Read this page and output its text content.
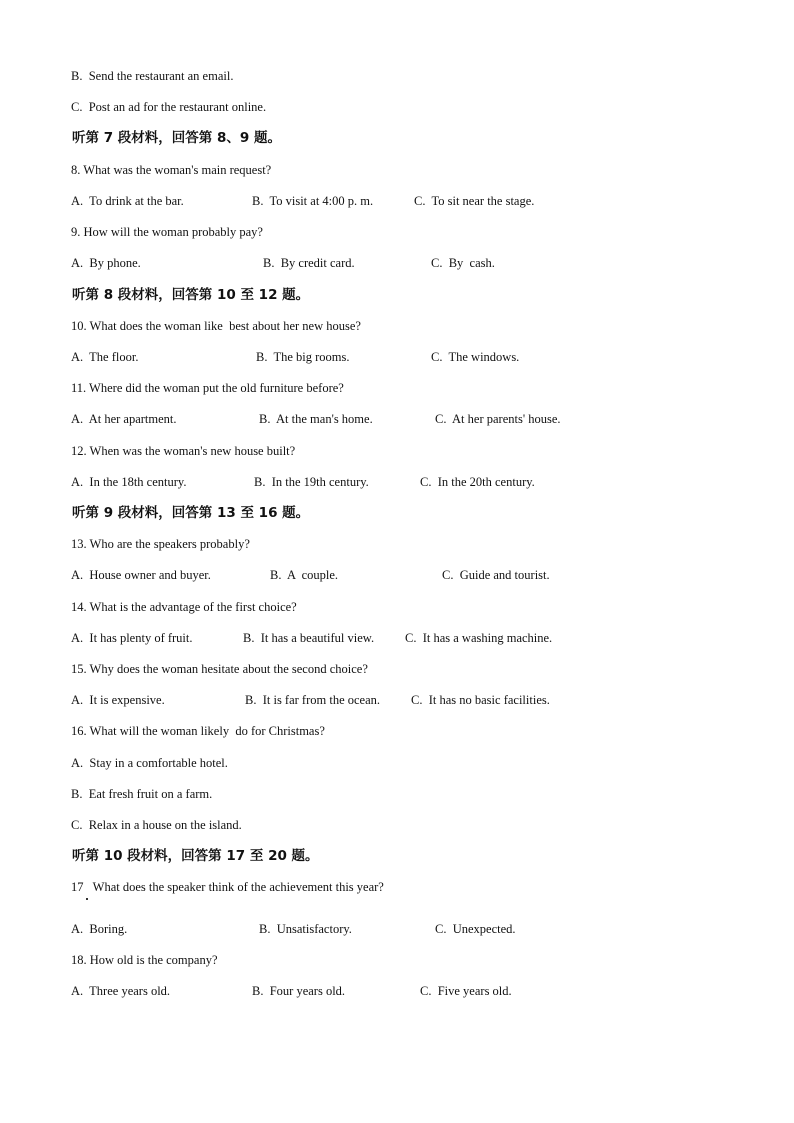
B.  Send the restaurant an email.
C.  Post an ad for the restaurant online.
听第 7 段材料，回答第 8、9 题。
8. What was the woman's main request?
A.  To drink at the bar.	B.  To visit at 4:00 p. m.	C.  To sit near the stage.
9. How will the woman probably pay?
A.  By phone.	B.  By credit card.	C.  By  cash.
听第 8 段材料，回答第 10 至 12 题。
10. What does the woman like  best about her new house?
A.  The floor.	B.  The big rooms.	C.  The windows.
11. Where did the woman put the old furniture before?
A.  At her apartment.	B.  At the man's home.	C.  At her parents' house.
12. When was the woman's new house built?
A.  In the 18th century.	B.  In the 19th century.	C.  In the 20th century.
听第 9 段材料，回答第 13 至 16 题。
13. Who are the speakers probably?
A.  House owner and buyer.	B.  A  couple.	C.  Guide and tourist.
14. What is the advantage of the first choice?
A.  It has plenty of fruit.	B.  It has a beautiful view. C.  It has a washing machine.
15. Why does the woman hesitate about the second choice?
A.  It is expensive.	B.  It is far from the ocean. C.  It has no basic facilities.
16. What will the woman likely  do for Christmas?
A.  Stay in a comfortable hotel.
B.  Eat fresh fruit on a farm.
C.  Relax in a house on the island.
听第 10 段材料，回答第 17 至 20 题。
17   What does the speaker think of the achievement this year?
A.  Boring.	B.  Unsatisfactory.	C.  Unexpected.
18. How old is the company?
A.  Three years old.	B.  Four years old.	C.  Five years old.
